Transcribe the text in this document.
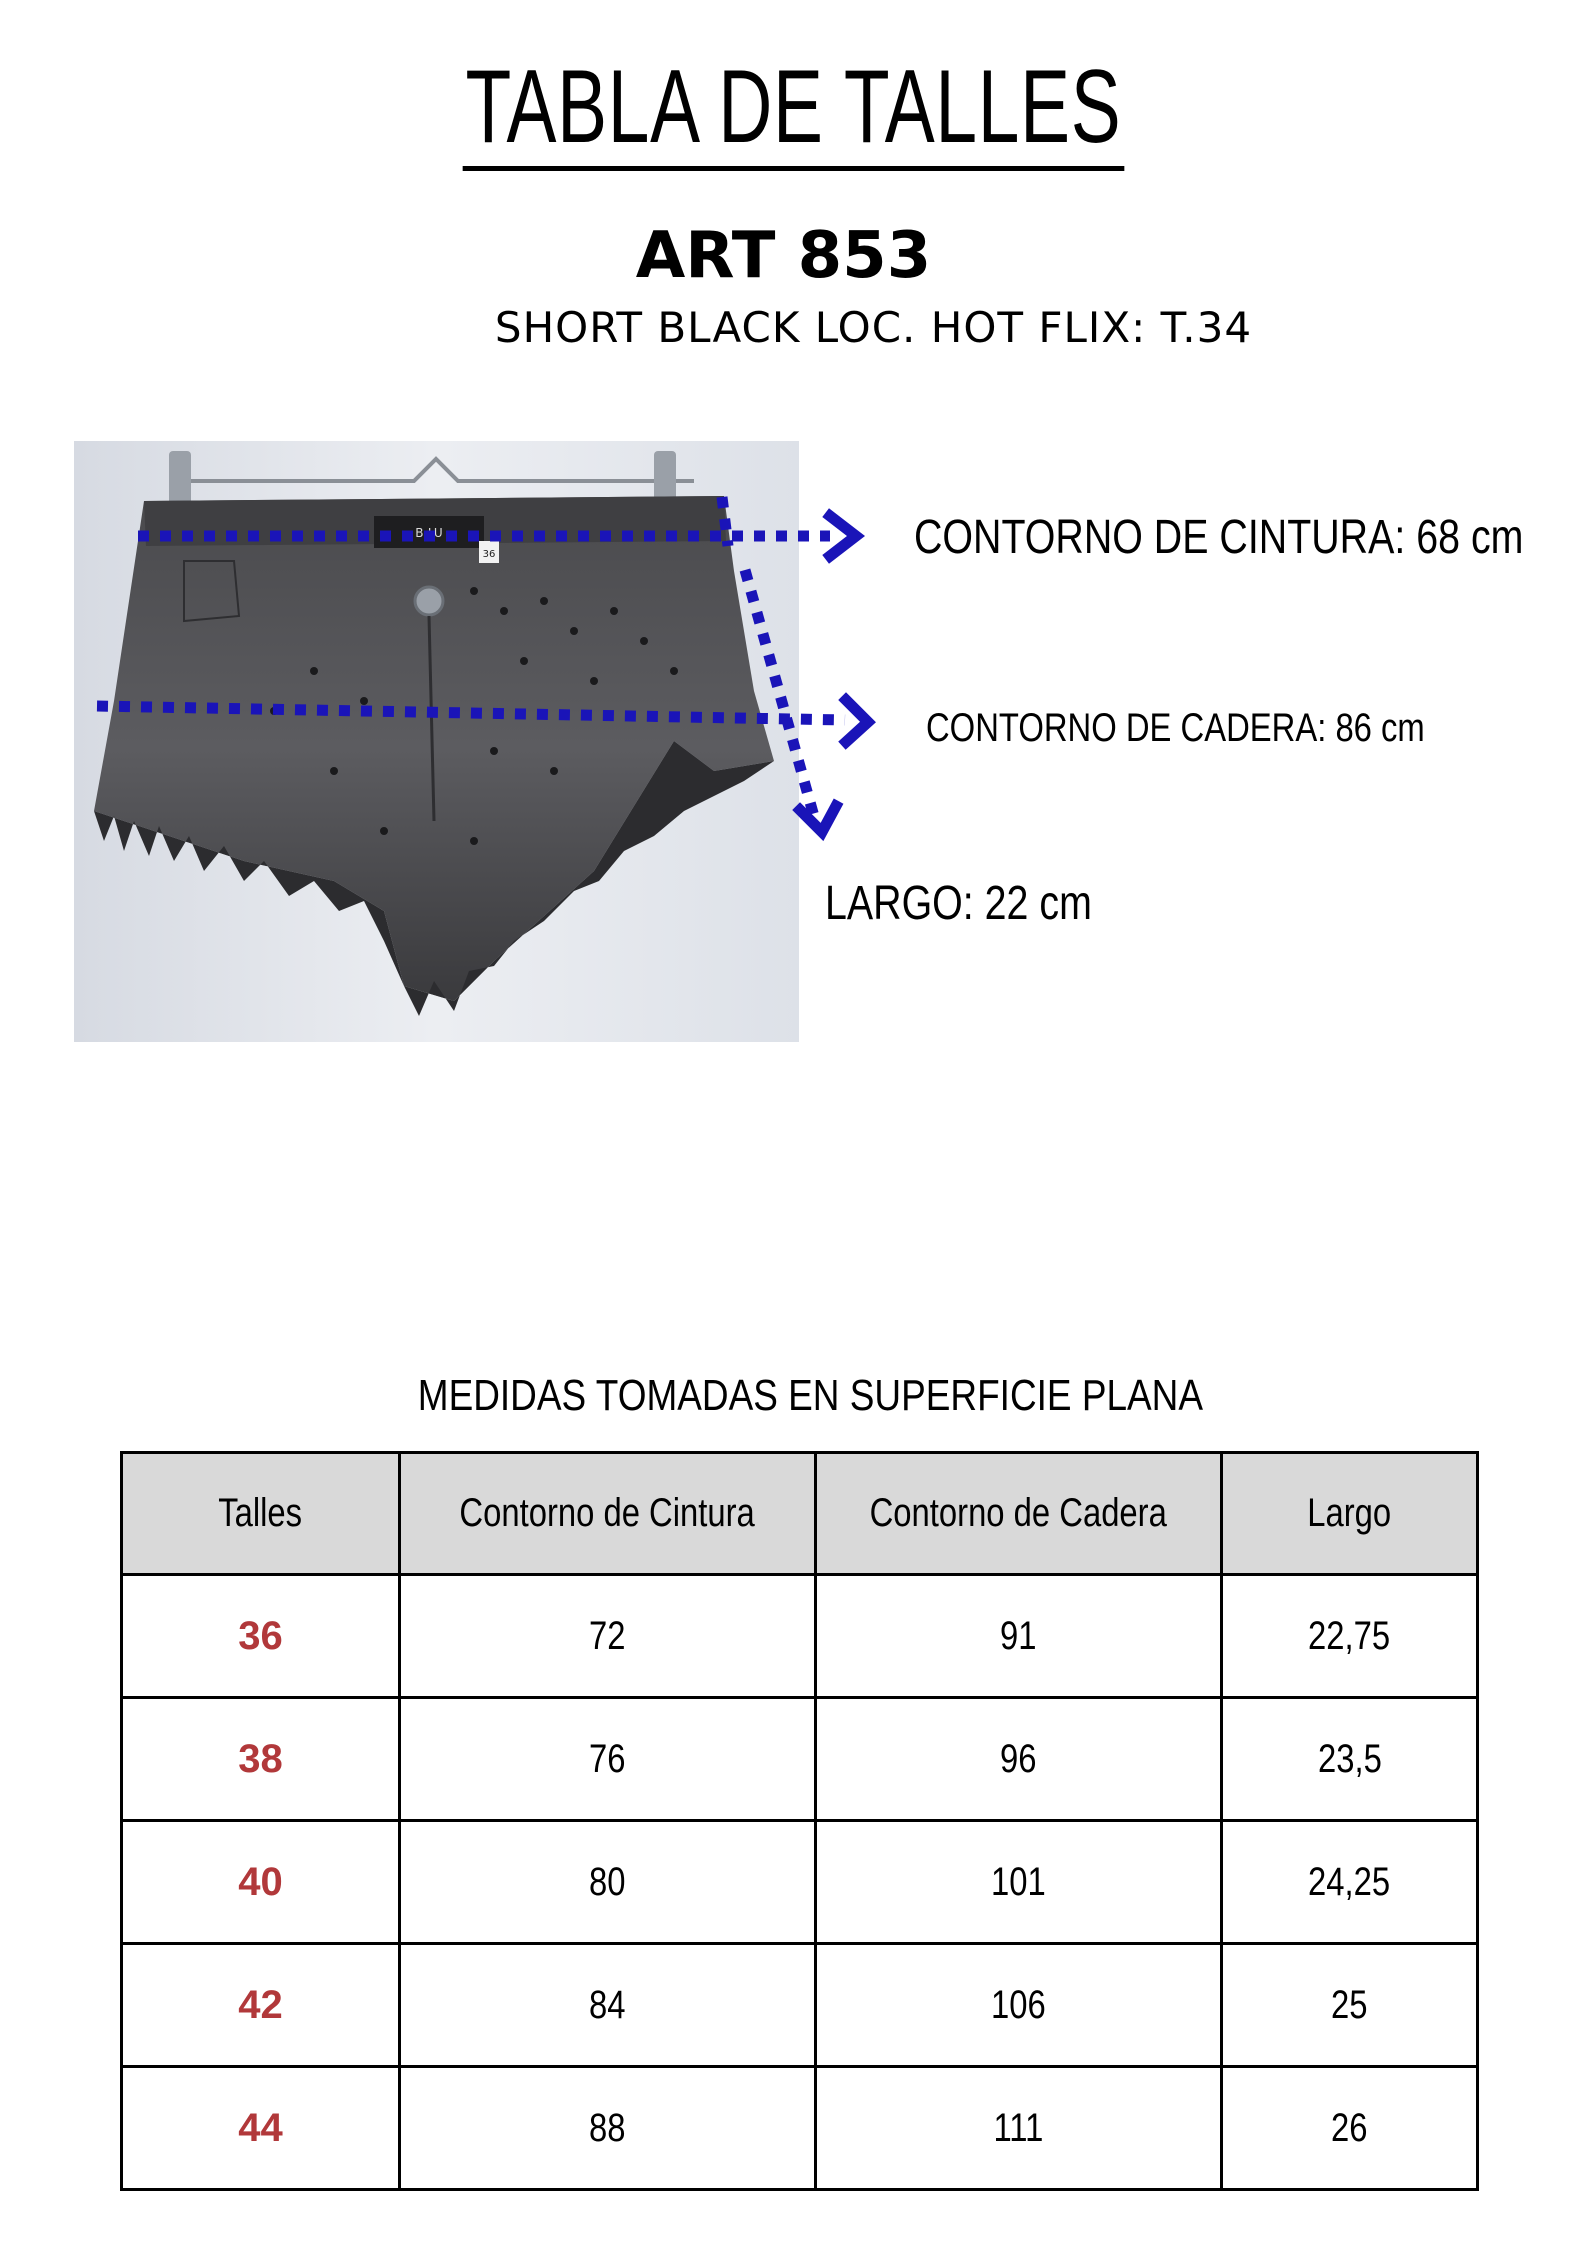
TABLA DE TALLES
ART 853
SHORT BLACK LOC. HOT FLIX: T.34
B-LU
36	CONTORNO DE CINTURA: 68 cm
CONTORNO DE CADERA: 86 cm
LARGO: 22 cm
MEDIDAS TOMADAS EN SUPERFICIE PLANA
Talles	Contorno de Cintura	Contorno de Cadera	Largo
36	72	91	22,75
38	76	96	23,5
40	80	101	24,25
42	84	106	25
44	88	111	26
